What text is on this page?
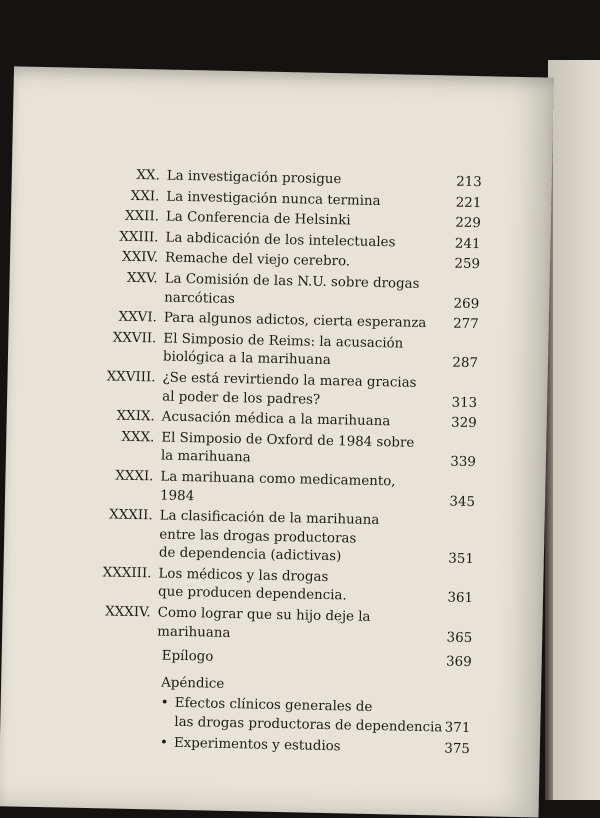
XX. La investigación prosigue	213
XXI. La investigación nunca termina	221
XXII. La Conferencia de Helsinki	229
XXIII. La abdicación de los intelectuales	241
XXIV. Remache del viejo cerebro.	259
XXV. La Comisión de las N.U. sobre drogas
narcóticas	269
XXVI. Para algunos adictos, cierta esperanza	277
XXVII. El Simposio de Reims: la acusación
biológica a la marihuana	287
XXVIII. ¿Se está revirtiendo la marea gracias
al poder de los padres?	313
XXIX. Acusación médica a la marihuana	329
XXX. El Simposio de Oxford de 1984 sobre
la marihuana	339
XXXI. La marihuana como medicamento, 1984	345
XXXII. La clasificación de la marihuana
entre las drogas productoras
de dependencia (adictivas)	351
XXXIII. Los médicos y las drogas
que producen dependencia.	361
XXXIV. Como lograr que su hijo deje la marihuana	365
Epílogo	369
Apéndice
• Efectos clínicos generales de
las drogas productoras de dependencia 371
• Experimentos y estudios	375
